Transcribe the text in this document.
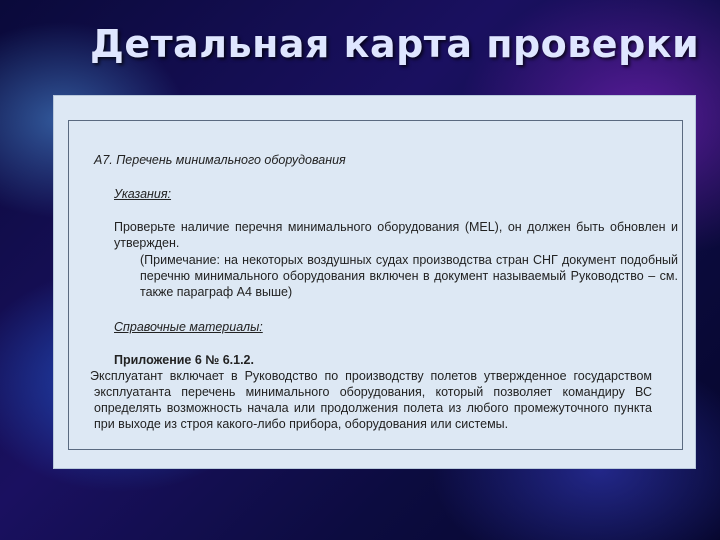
Детальная карта проверки
А7. Перечень минимального оборудования
Указания:
Проверьте наличие перечня минимального оборудования (MEL), он должен быть обновлен и утвержден.
(Примечание: на некоторых воздушных судах производства стран СНГ документ подобный перечню минимального оборудования включен в документ называемый Руководство – см. также параграф А4 выше)
Справочные материалы:
Приложение 6 № 6.1.2.
Эксплуатант включает в Руководство по производству полетов утвержденное государством эксплуатанта перечень минимального оборудования, который позволяет командиру ВС определять возможность начала или продолжения полета из любого промежуточного пункта при выходе из строя какого-либо прибора, оборудования или системы.
